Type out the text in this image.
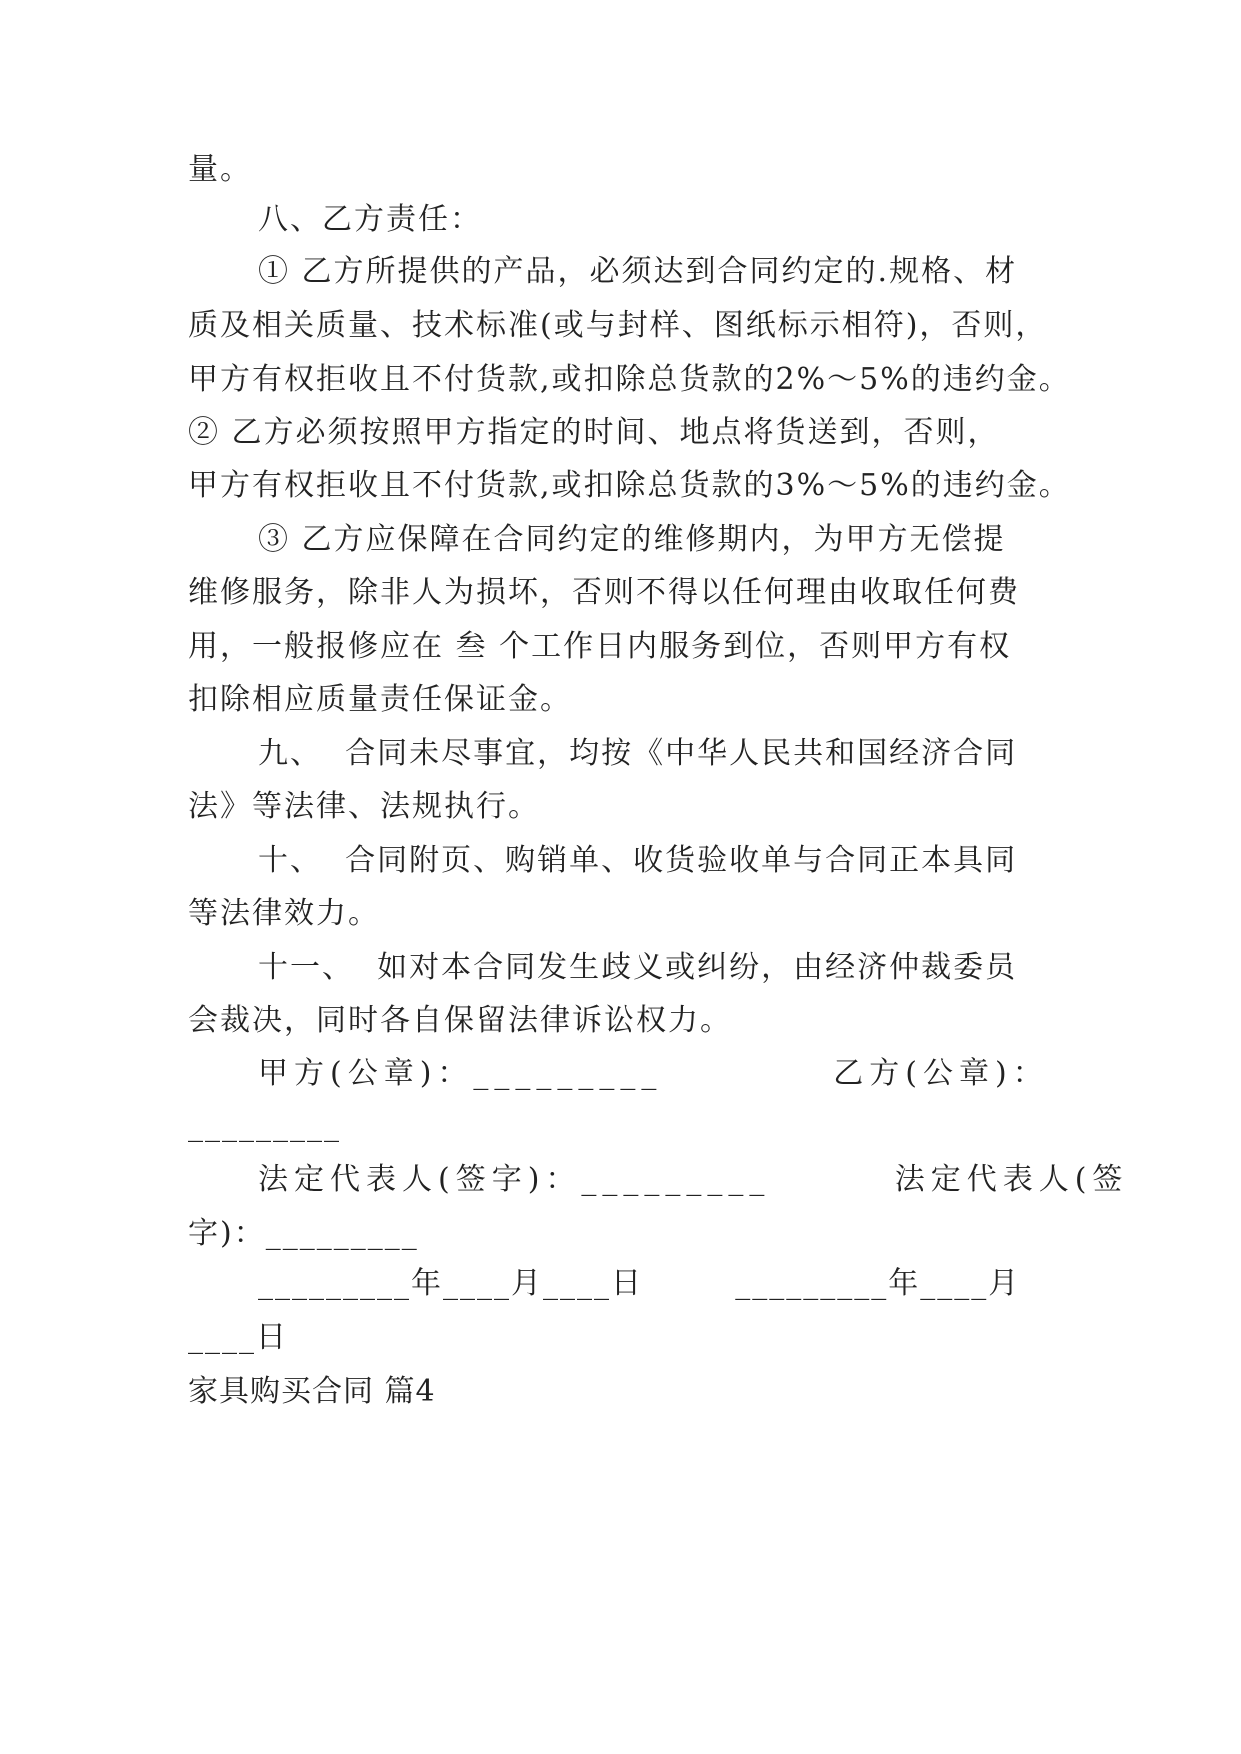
量。
八、乙方责任：
① 乙方所提供的产品，必须达到合同约定的.规格、材
质及相关质量、技术标准(或与封样、图纸标示相符)，否则，
甲方有权拒收且不付货款,或扣除总货款的2%～5%的违约金。
② 乙方必须按照甲方指定的时间、地点将货送到，否则，
甲方有权拒收且不付货款,或扣除总货款的3%～5%的违约金。
③ 乙方应保障在合同约定的维修期内，为甲方无偿提
维修服务，除非人为损坏，否则不得以任何理由收取任何费
用，一般报修应在 叁 个工作日内服务到位，否则甲方有权
扣除相应质量责任保证金。
九、  合同未尽事宜，均按《中华人民共和国经济合同
法》等法律、法规执行。
十、  合同附页、购销单、收货验收单与合同正本具同
等法律效力。
十一、  如对本合同发生歧义或纠纷，由经济仲裁委员
会裁决，同时各自保留法律诉讼权力。
甲方(公章)：_________           乙方(公章)：
_________
法定代表人(签字)：_________        法定代表人(签
字)：_________
_________年____月____日        _________年____月
____日
家具购买合同 篇4
